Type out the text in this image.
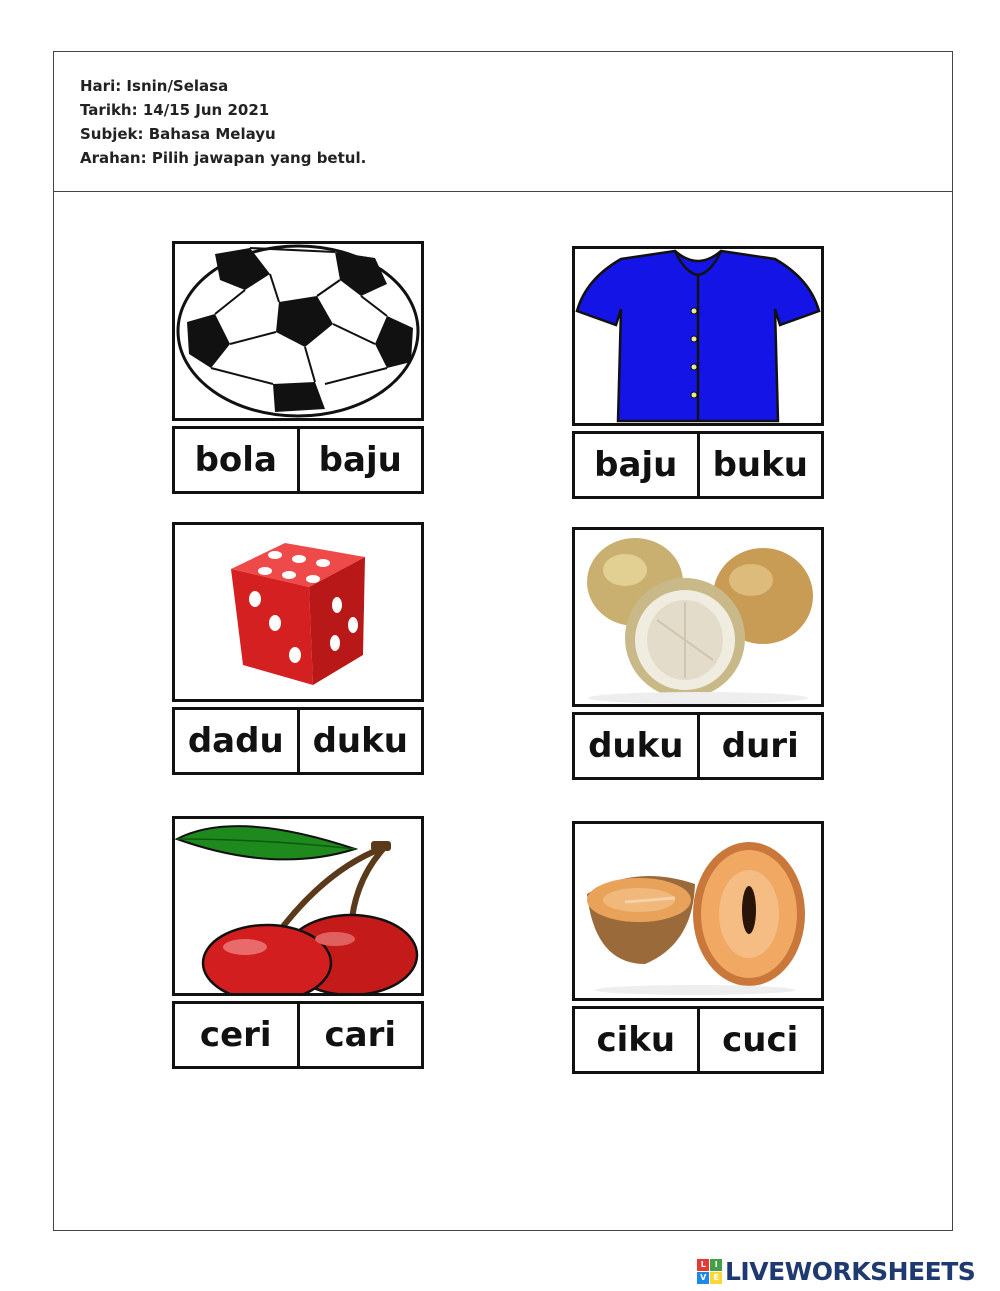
Hari: Isnin/Selasa
Tarikh: 14/15 Jun 2021
Subjek: Bahasa Melayu
Arahan: Pilih jawapan yang betul.
bola	baju	baju	buku
dadu duku	duku	duri
ceri	cari	ciku	cuci
L	I
V E LIVEWORKSHEETS
